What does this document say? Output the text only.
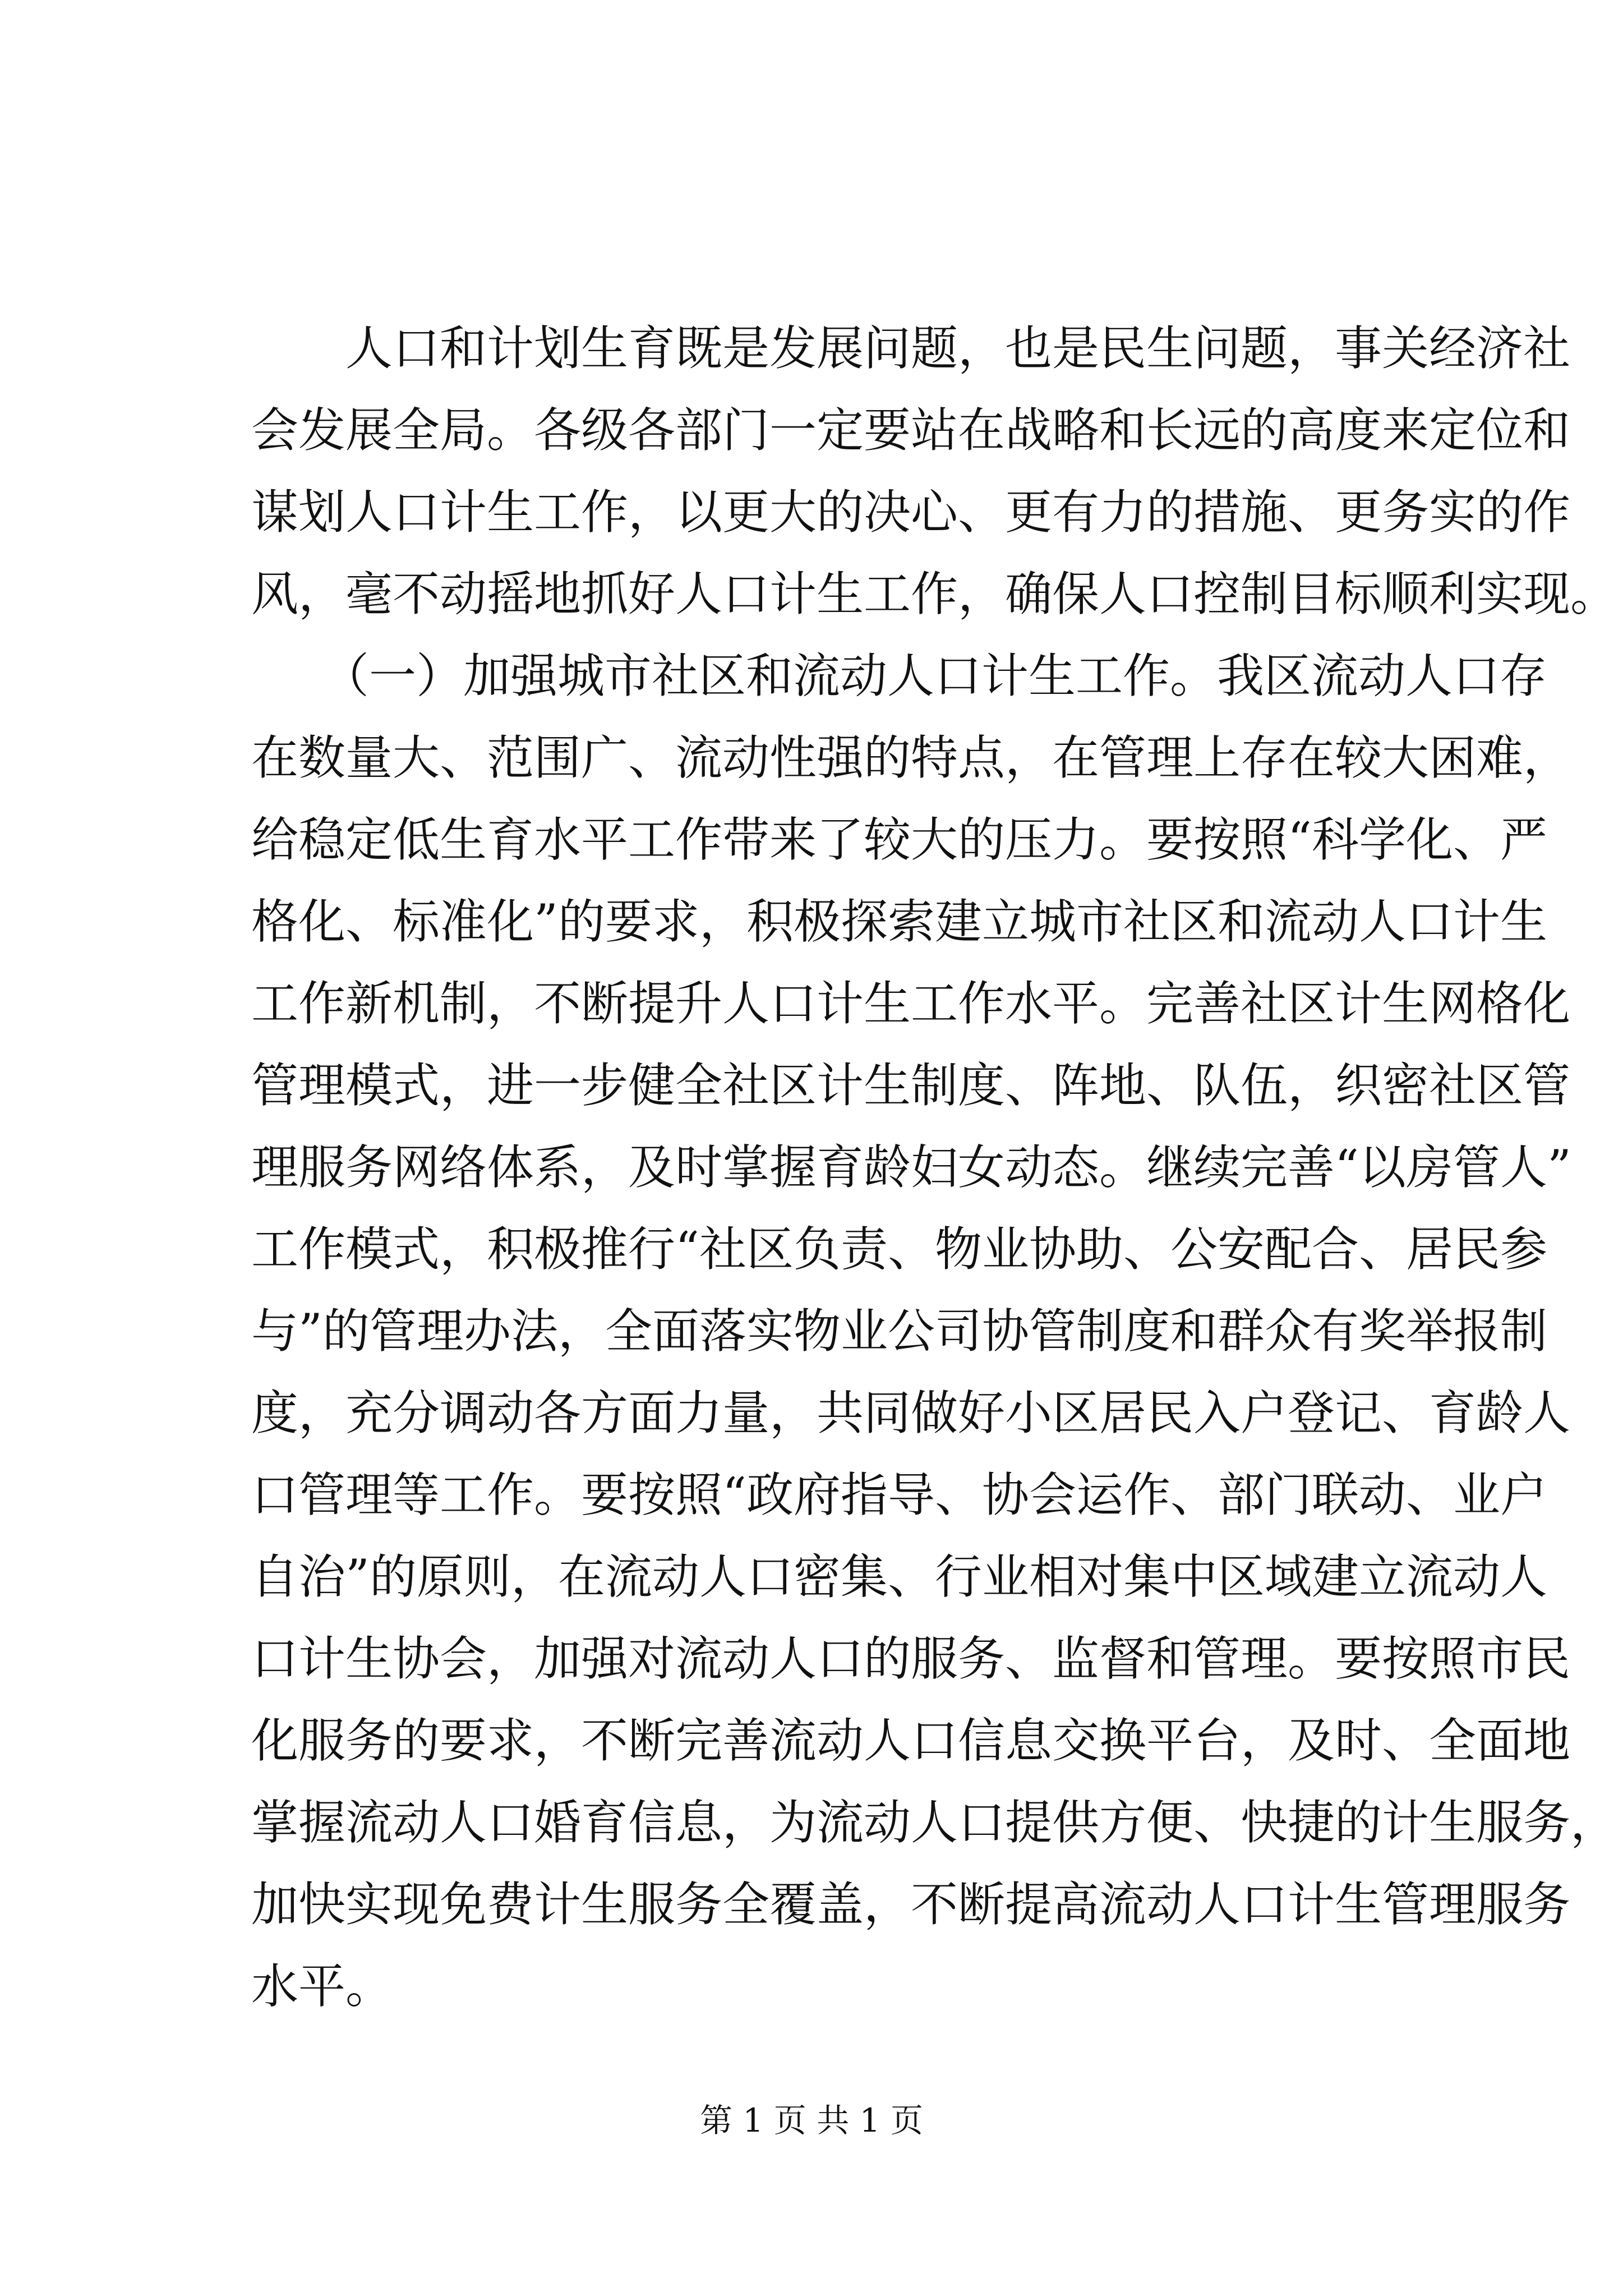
　　人口和计划生育既是发展问题，也是民生问题，事关经济社
会发展全局。各级各部门一定要站在战略和长远的高度来定位和
谋划人口计生工作，以更大的决心、更有力的措施、更务实的作
风，毫不动摇地抓好人口计生工作，确保人口控制目标顺利实现。
　　（一）加强城市社区和流动人口计生工作。我区流动人口存
在数量大、范围广、流动性强的特点，在管理上存在较大困难，
给稳定低生育水平工作带来了较大的压力。要按照“科学化、严
格化、标准化”的要求，积极探索建立城市社区和流动人口计生
工作新机制，不断提升人口计生工作水平。完善社区计生网格化
管理模式，进一步健全社区计生制度、阵地、队伍，织密社区管
理服务网络体系，及时掌握育龄妇女动态。继续完善“以房管人”
工作模式，积极推行“社区负责、物业协助、公安配合、居民参
与”的管理办法，全面落实物业公司协管制度和群众有奖举报制
度，充分调动各方面力量，共同做好小区居民入户登记、育龄人
口管理等工作。要按照“政府指导、协会运作、部门联动、业户
自治”的原则，在流动人口密集、行业相对集中区域建立流动人
口计生协会，加强对流动人口的服务、监督和管理。要按照市民
化服务的要求，不断完善流动人口信息交换平台，及时、全面地
掌握流动人口婚育信息，为流动人口提供方便、快捷的计生服务，
加快实现免费计生服务全覆盖，不断提高流动人口计生管理服务
水平。
第 1 页 共 1 页
